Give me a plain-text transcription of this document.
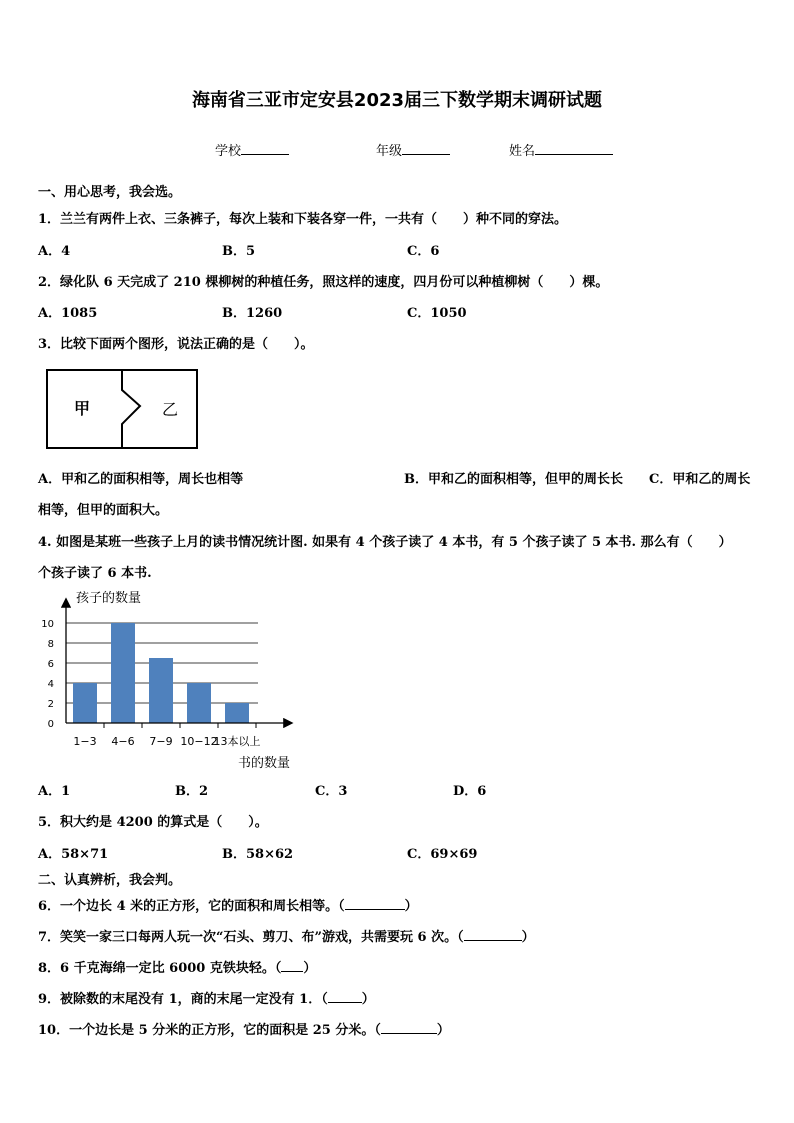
海南省三亚市定安县2023届三下数学期末调研试题
学校	年级	姓名
一、用心思考，我会选。
1．兰兰有两件上衣、三条裤子，每次上装和下装各穿一件，一共有（　　）种不同的穿法。
A．4	B．5	C．6
2．绿化队 6 天完成了 210 棵柳树的种植任务，照这样的速度，四月份可以种植柳树（　　）棵。
A．1085	B．1260	C．1050
3．比较下面两个图形，说法正确的是（　　）。
甲	乙
A．甲和乙的面积相等，周长也相等	B．甲和乙的面积相等，但甲的周长长 C．甲和乙的周长
相等，但甲的面积大。
4. 如图是某班一些孩子上月的读书情况统计图. 如果有 4 个孩子读了 4 本书，有 5 个孩子读了 5 本书. 那么有（　　）
个孩子读了 6 本书.
孩子的数量
书的数量
0
2
4
6
8
10
1−3 4−6 7−9 10−12
13本以上
A．1	B．2	C．3	D．6
5．积大约是 4200 的算式是（　　）。
A．58×71	B．58×62	C．69×69
二、认真辨析，我会判。
6．一个边长 4 米的正方形，它的面积和周长相等。（	）
7．笑笑一家三口每两人玩一次“石头、剪刀、布”游戏，共需要玩 6 次。（	）
8．6 千克海绵一定比 6000 克铁块轻。（ ）
9．被除数的末尾没有 1，商的末尾一定没有 1．（	）
10．一个边长是 5 分米的正方形，它的面积是 25 分米。（	）
